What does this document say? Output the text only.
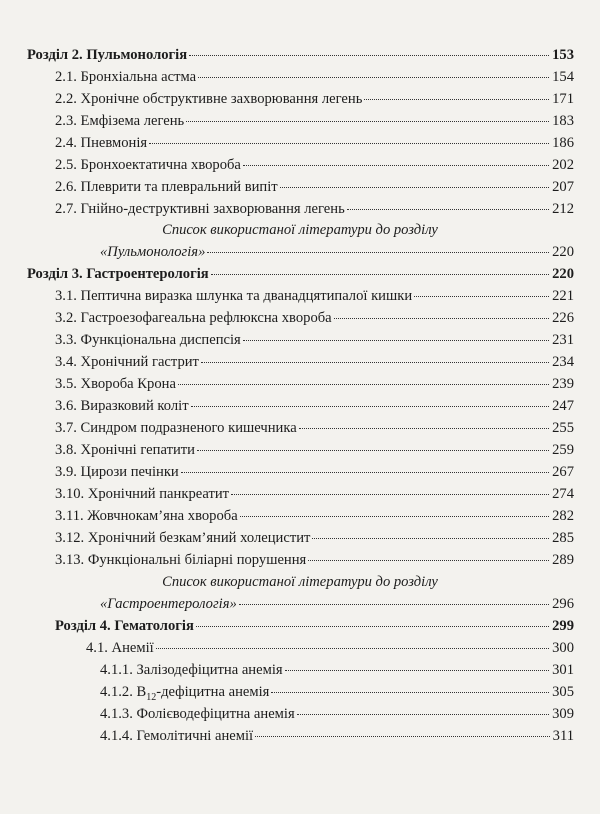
Розділ 2. Пульмонологія	153
2.1. Бронхіальна астма	154
2.2. Хронічне обструктивне захворювання легень	171
2.3. Емфізема легень	183
2.4. Пневмонія	186
2.5. Бронхоектатична хвороба	202
2.6. Плеврити та плевральний випіт	207
2.7. Гнійно-деструктивні захворювання легень	212
Список використаної літератури до розділу
«Пульмонологія»	220
Розділ 3. Гастроентерологія	220
3.1. Пептична виразка шлунка та дванадцятипалої кишки	221
3.2. Гастроезофагеальна рефлюксна хвороба	226
3.3. Функціональна диспепсія	231
3.4. Хронічний гастрит	234
3.5. Хвороба Крона	239
3.6. Виразковий коліт	247
3.7. Синдром подразненого кишечника	255
3.8. Хронічні гепатити	259
3.9. Цирози печінки	267
3.10. Хронічний панкреатит	274
3.11. Жовчнокам’яна хвороба	282
3.12. Хронічний безкам’яний холецистит	285
3.13. Функціональні біліарні порушення	289
Список використаної літератури до розділу
«Гастроентерологія»	296
Розділ 4. Гематологія	299
4.1. Анемії	300
4.1.1. Залізодефіцитна анемія	301
4.1.2. $В_{12}$-дефіцитна анемія	305
4.1.3. Фолієводефіцитна анемія	309
4.1.4. Гемолітичні анемії	311
